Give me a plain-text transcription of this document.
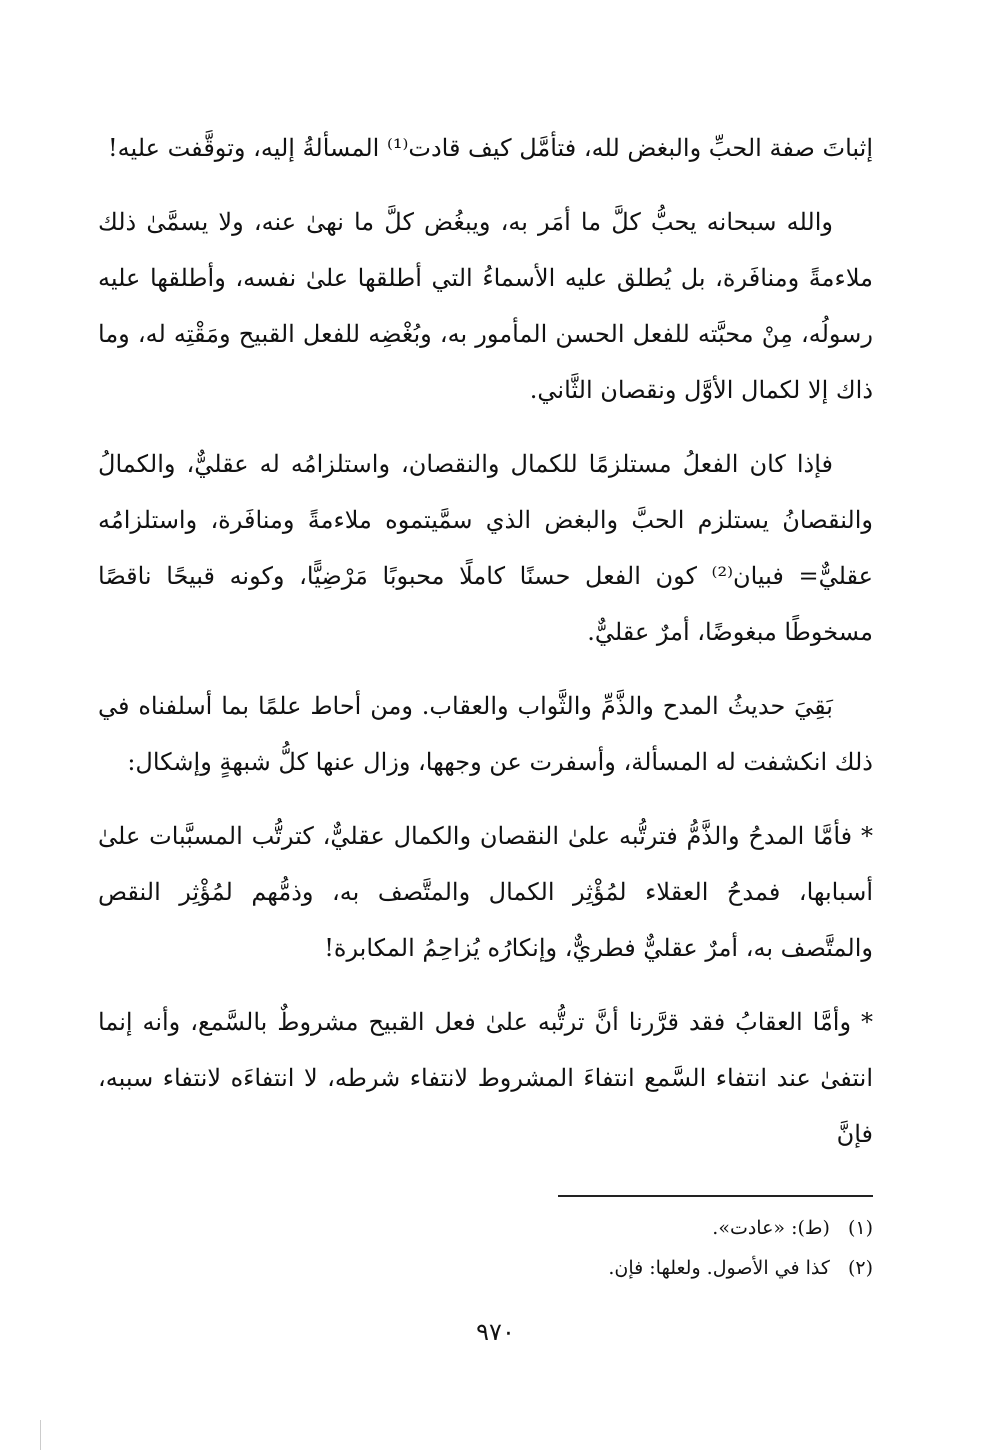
إثباتَ صفة الحبِّ والبغض لله، فتأمَّل كيف قادت⁽¹⁾ المسألةُ إليه، وتوقَّفت عليه!

والله سبحانه يحبُّ كلَّ ما أمَر به، ويبغُض كلَّ ما نهىٰ عنه، ولا يسمَّىٰ ذلك ملاءمةً ومنافَرة، بل يُطلق عليه الأسماءُ التي أطلقها علىٰ نفسه، وأطلقها عليه رسولُه، مِنْ محبَّته للفعل الحسن المأمور به، وبُغْضِه للفعل القبيح ومَقْتِه له، وما ذاك إلا لكمال الأوَّل ونقصان الثَّاني.

فإذا كان الفعلُ مستلزمًا للكمال والنقصان، واستلزامُه له عقليٌّ، والكمالُ والنقصانُ يستلزم الحبَّ والبغض الذي سمَّيتموه ملاءمةً ومنافَرة، واستلزامُه عقليٌّ= فبيان⁽²⁾ كون الفعل حسنًا كاملًا محبوبًا مَرْضِيًّا، وكونه قبيحًا ناقصًا مسخوطًا مبغوضًا، أمرٌ عقليٌّ.

بَقِيَ حديثُ المدح والذَّمِّ والثَّواب والعقاب. ومن أحاط علمًا بما أسلفناه في ذلك انكشفت له المسألة، وأسفرت عن وجهها، وزال عنها كلُّ شبهةٍ وإشكال:

* فأمَّا المدحُ والذَّمُّ فترتُّبه علىٰ النقصان والكمال عقليٌّ، كترتُّب المسبَّبات علىٰ أسبابها، فمدحُ العقلاء لمُؤْثِر الكمال والمتَّصف به، وذمُّهم لمُؤْثِر النقص والمتَّصف به، أمرٌ عقليٌّ فطريٌّ، وإنكارُه يُزاحِمُ المكابرة!

* وأمَّا العقابُ فقد قرَّرنا أنَّ ترتُّبه علىٰ فعل القبيح مشروطٌ بالسَّمع، وأنه إنما انتفىٰ عند انتفاء السَّمع انتفاءَ المشروط لانتفاء شرطه، لا انتفاءَه لانتفاء سببه، فإنَّ

(١) (ط): «عادت».

(٢) كذا في الأصول. ولعلها: فإن.

٩٧٠
